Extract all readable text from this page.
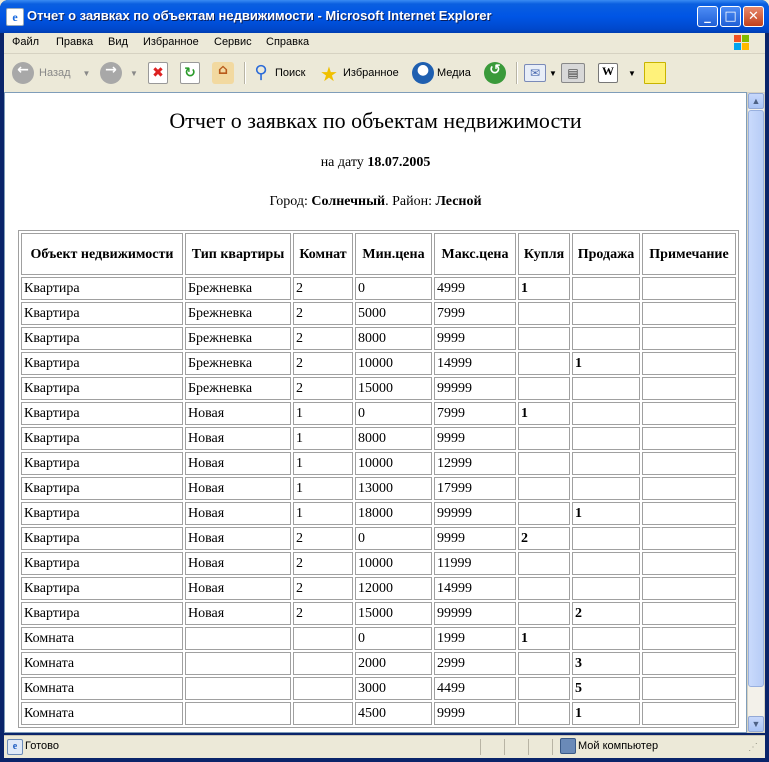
e Отчет о заявках по объектам недвижимости - Microsoft Internet Explorer	_	□ ✕
Файл Правка Вид Избранное Сервис Справка
← Назад ▼	→	▼ ✖ ↻	⌂	⚲ Поиск ★ Избранное	● Медиа	↺	✉	▼ ▤	W	▼
Отчет о заявках по объектам недвижимости
на дату 18.07.2005
Город: Солнечный. Район: Лесной
Объект недвижимости	Тип квартиры	Комнат	Мин.цена	Макс.цена	Купля	Продажа	Примечание
Квартира	Брежневка	2	0	4999	1		
Квартира	Брежневка	2	5000	7999			
Квартира	Брежневка	2	8000	9999			
Квартира	Брежневка	2	10000	14999		1	
Квартира	Брежневка	2	15000	99999			
Квартира	Новая	1	0	7999	1		
Квартира	Новая	1	8000	9999			
Квартира	Новая	1	10000	12999			
Квартира	Новая	1	13000	17999			
Квартира	Новая	1	18000	99999		1	
Квартира	Новая	2	0	9999	2		
Квартира	Новая	2	10000	11999			
Квартира	Новая	2	12000	14999			
Квартира	Новая	2	15000	99999		2	
Комната			0	1999	1		
Комната			2000	2999		3	
Комната			3000	4499		5	
Комната			4500	9999		1	
▲
▼
e Готово	Мой компьютер	⋰
